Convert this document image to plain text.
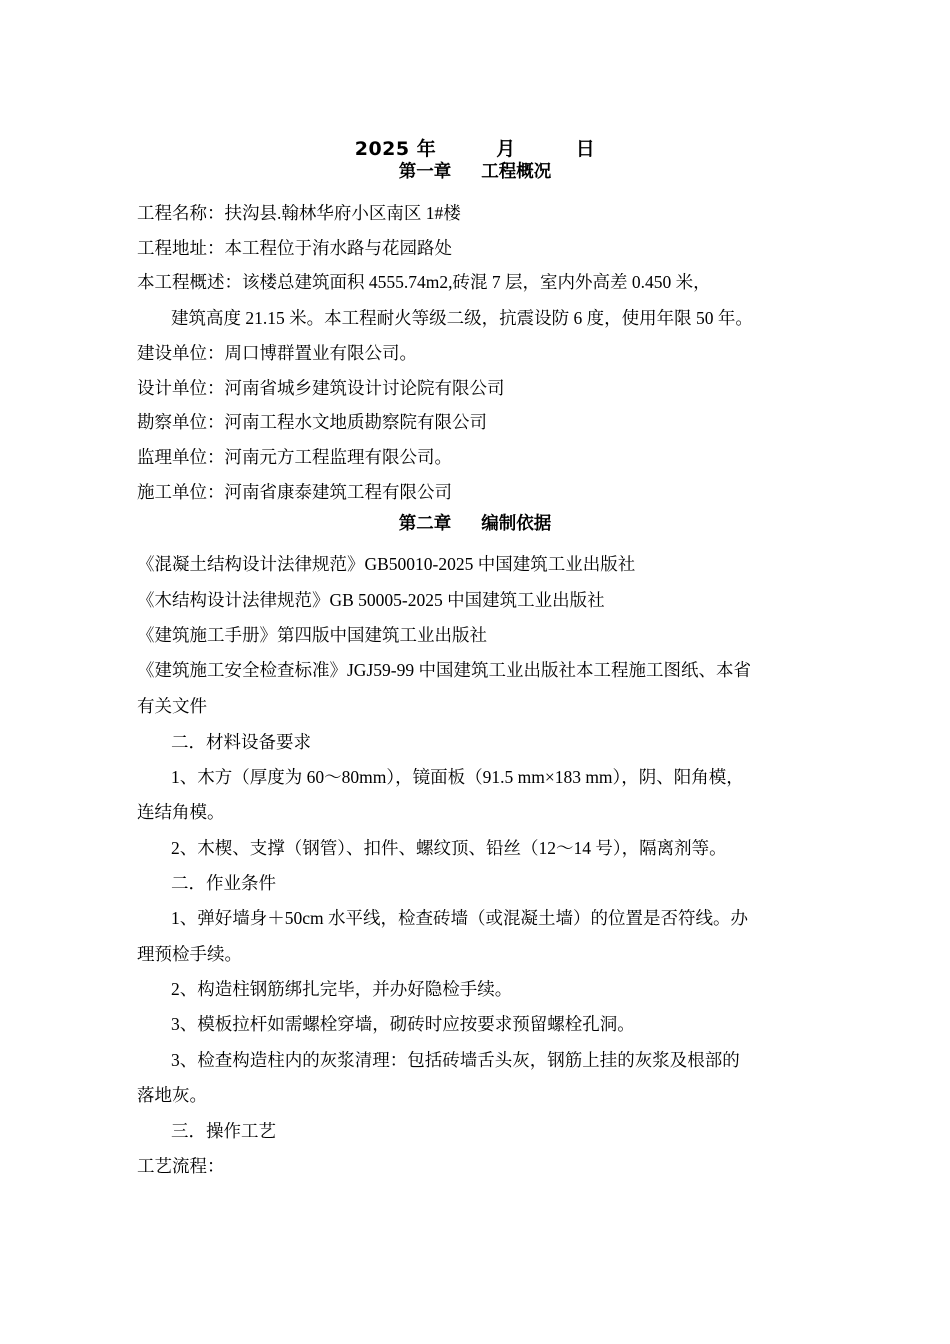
2025 年	月	日
第一章 工程概况
工程名称：扶沟县.翰林华府小区南区 1#楼
工程地址：本工程位于洧水路与花园路处
本工程概述：该楼总建筑面积 4555.74m2,砖混 7 层，室内外高差 0.450 米，
建筑高度 21.15 米。本工程耐火等级二级，抗震设防 6 度，使用年限 50 年。
建设单位：周口博群置业有限公司。
设计单位：河南省城乡建筑设计讨论院有限公司
勘察单位：河南工程水文地质勘察院有限公司
监理单位：河南元方工程监理有限公司。
施工单位：河南省康泰建筑工程有限公司
第二章 编制依据
《混凝土结构设计法律规范》GB50010-2025 中国建筑工业出版社
《木结构设计法律规范》GB 50005-2025 中国建筑工业出版社
《建筑施工手册》第四版中国建筑工业出版社
《建筑施工安全检查标准》JGJ59-99 中国建筑工业出版社本工程施工图纸、本省
有关文件
二．材料设备要求
1、木方（厚度为 60～80mm），镜面板（91.5 mm×183 mm），阴、阳角模，
连结角模。
2、木楔、支撑（钢管）、扣件、螺纹顶、铅丝（12～14 号），隔离剂等。
二．作业条件
1、弹好墙身＋50cm 水平线，检查砖墙（或混凝土墙）的位置是否符线。办
理预检手续。
2、构造柱钢筋绑扎完毕，并办好隐检手续。
3、模板拉杆如需螺栓穿墙，砌砖时应按要求预留螺栓孔洞。
3、检查构造柱内的灰浆清理：包括砖墙舌头灰，钢筋上挂的灰浆及根部的
落地灰。
三．操作工艺
工艺流程：
